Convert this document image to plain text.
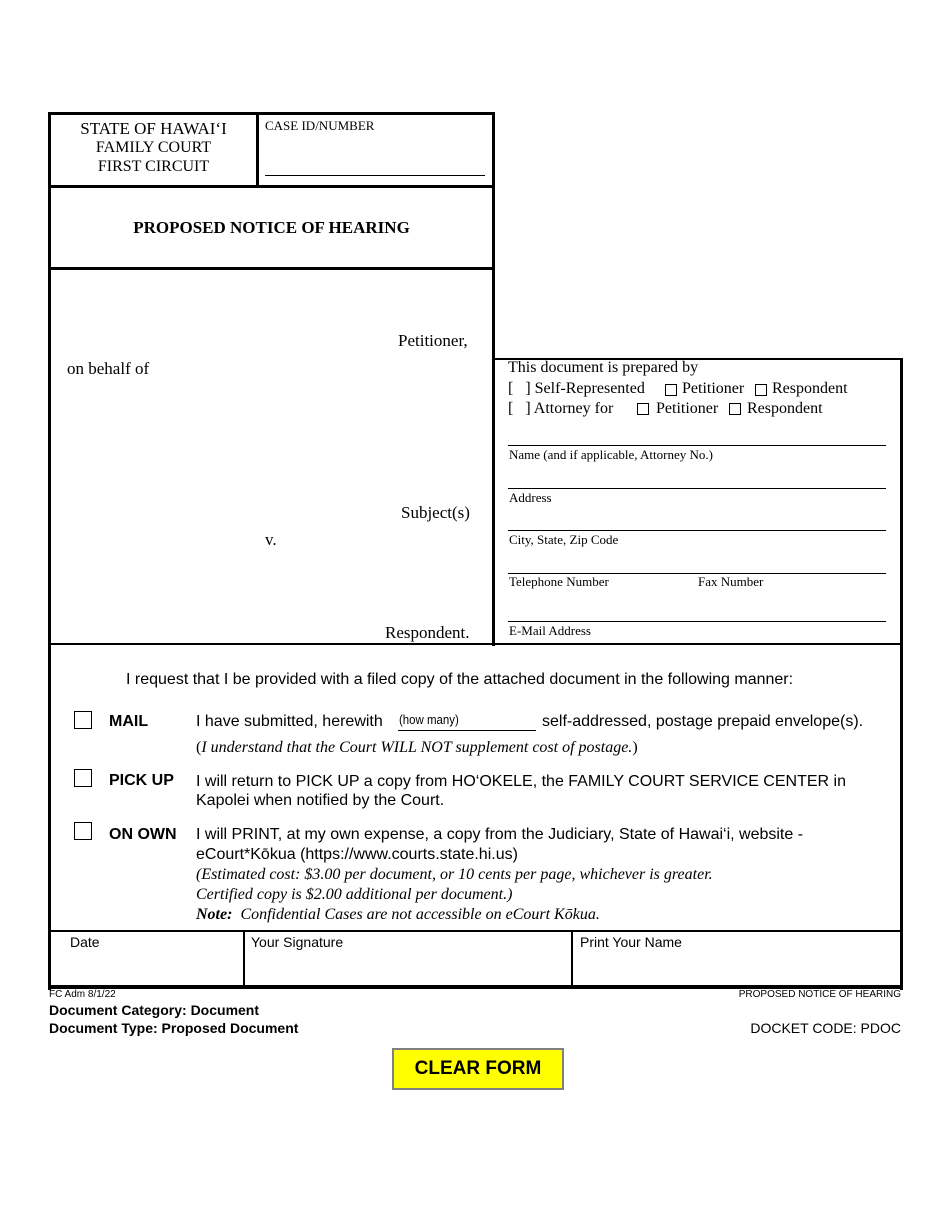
STATE OF HAWAI‘I
FAMILY COURT
FIRST CIRCUIT
CASE ID/NUMBER
PROPOSED NOTICE OF HEARING
Petitioner,
on behalf of
Subject(s)
v.
Respondent.
This document is prepared by
[   ] Self-Represented Petitioner Respondent
[   ] Attorney for	Petitioner Respondent
Name (and if applicable, Attorney No.)
Address
City, State, Zip Code
Telephone Number	Fax Number
E-Mail Address
I request that I be provided with a filed copy of the attached document in the following manner:
MAIL	I have submitted, herewith (how many)	self-addressed, postage prepaid envelope(s).
(I understand that the Court WILL NOT supplement cost of postage.)
PICK UP I will return to PICK UP a copy from HO‘OKELE, the FAMILY COURT SERVICE CENTER in
Kapolei when notified by the Court.
ON OWN I will PRINT, at my own expense, a copy from the Judiciary, State of Hawai‘i, website -
eCourt*Kōkua (https://www.courts.state.hi.us)
(Estimated cost: $3.00 per document, or 10 cents per page, whichever is greater.
Certified copy is $2.00 additional per document.)
Note: Confidential Cases are not accessible on eCourt Kōkua.
Date	Your Signature	Print Your Name
FC Adm 8/1/22	PROPOSED NOTICE OF HEARING
Document Category: Document
Document Type: Proposed Document	DOCKET CODE: PDOC
CLEAR FORM
